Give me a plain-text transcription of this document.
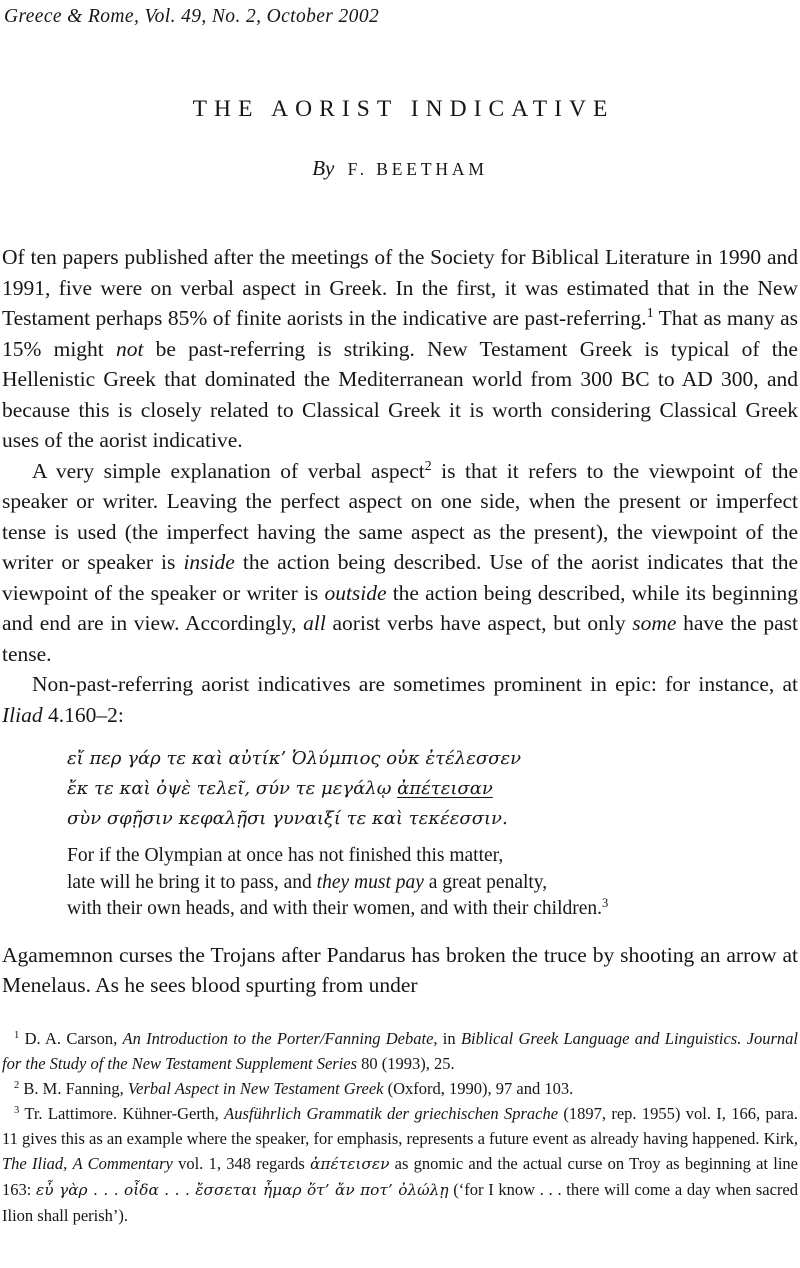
Greece & Rome, Vol. 49, No. 2, October 2002
THE AORIST INDICATIVE
By F. BEETHAM

Of ten papers published after the meetings of the Society for Biblical Literature in 1990 and 1991, five were on verbal aspect in Greek. In the first, it was estimated that in the New Testament perhaps 85% of finite aorists in the indicative are past-referring.$^1$ That as many as 15% might not be past-referring is striking. New Testament Greek is typical of the Hellenistic Greek that dominated the Mediterranean world from 300 BC to AD 300, and because this is closely related to Classical Greek it is worth considering Classical Greek uses of the aorist indicative.

A very simple explanation of verbal aspect$^2$ is that it refers to the viewpoint of the speaker or writer. Leaving the perfect aspect on one side, when the present or imperfect tense is used (the imperfect having the same aspect as the present), the viewpoint of the writer or speaker is inside the action being described. Use of the aorist indicates that the viewpoint of the speaker or writer is outside the action being described, while its beginning and end are in view. Accordingly, all aorist verbs have aspect, but only some have the past tense.

Non-past-referring aorist indicatives are sometimes prominent in epic: for instance, at Iliad 4.160–2:

εἴ περ γάρ τε καὶ αὐτίκ’ Ὀλύμπιος οὐκ ἐτέλεσσεν
ἔκ τε καὶ ὀψὲ τελεῖ, σύν τε μεγάλῳ ἀπέτεισαν
σὺν σφῇσιν κεφαλῇσι γυναιξί τε καὶ τεκέεσσιν.
For if the Olympian at once has not finished this matter,
late will he bring it to pass, and they must pay a great penalty,
with their own heads, and with their women, and with their children.$^3$

Agamemnon curses the Trojans after Pandarus has broken the truce by shooting an arrow at Menelaus. As he sees blood spurting from under

$^1$ D. A. Carson, An Introduction to the Porter/Fanning Debate, in Biblical Greek Language and Linguistics. Journal for the Study of the New Testament Supplement Series 80 (1993), 25.

$^2$ B. M. Fanning, Verbal Aspect in New Testament Greek (Oxford, 1990), 97 and 103.

$^3$ Tr. Lattimore. Kühner-Gerth, Ausführlich Grammatik der griechischen Sprache (1897, rep. 1955) vol. I, 166, para. 11 gives this as an example where the speaker, for emphasis, represents a future event as already having happened. Kirk, The Iliad, A Commentary vol. 1, 348 regards ἀπέτεισεν as gnomic and the actual curse on Troy as beginning at line 163: εὖ γὰρ . . . οἶδα . . . ἔσσεται ἦμαρ ὅτ’ ἄν ποτ’ ὀλώλῃ (‘for I know . . . there will come a day when sacred Ilion shall perish’).
